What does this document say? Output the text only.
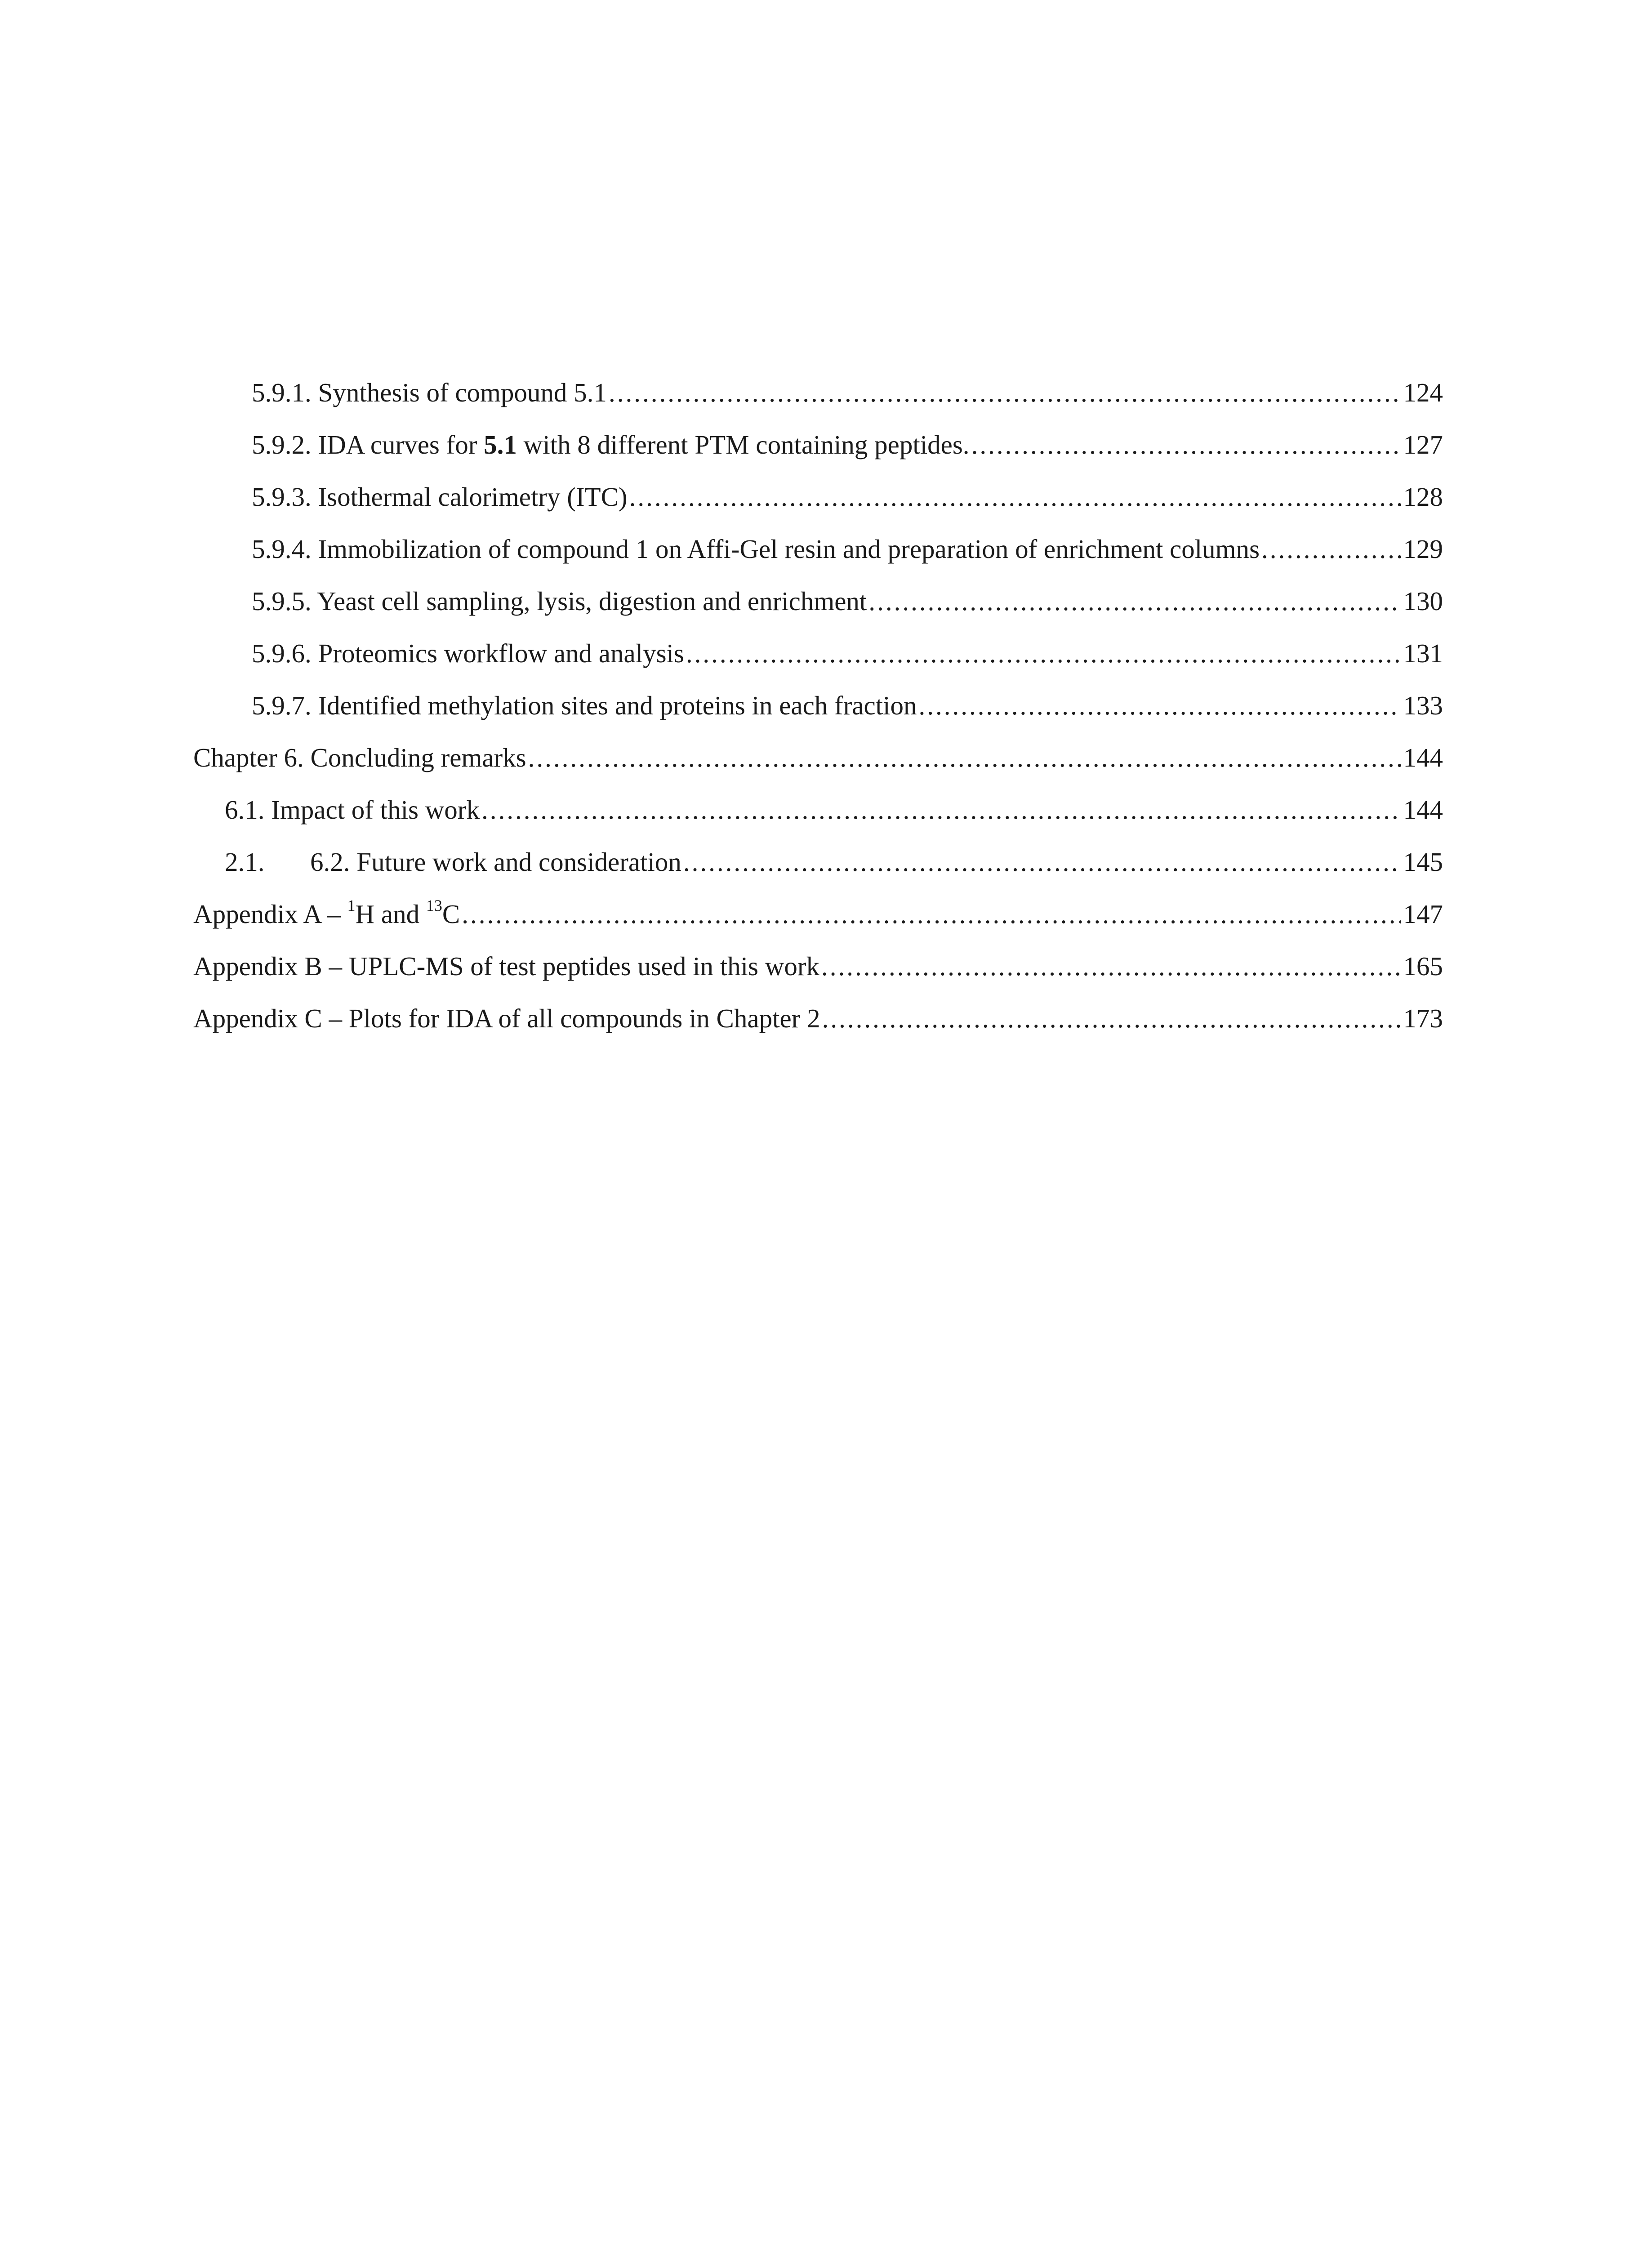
5.9.1. Synthesis of compound 5.1 .....	124
5.9.2. IDA curves for 5.1 with 8 different PTM containing peptides. .....	127
5.9.3. Isothermal calorimetry (ITC) .....	128
5.9.4. Immobilization of compound 1 on Affi-Gel resin and preparation of enrichment columns .....	129
5.9.5. Yeast cell sampling, lysis, digestion and enrichment .....	130
5.9.6. Proteomics workflow and analysis .....	131
5.9.7. Identified methylation sites and proteins in each fraction .....	133
Chapter 6. Concluding remarks .....	144
6.1. Impact of this work .....	144
2.1. 6.2. Future work and consideration .....	145
Appendix A – $^1$H and $^{13}$C .....	147
Appendix B – UPLC-MS of test peptides used in this work .....	165
Appendix C – Plots for IDA of all compounds in Chapter 2 .....	173
